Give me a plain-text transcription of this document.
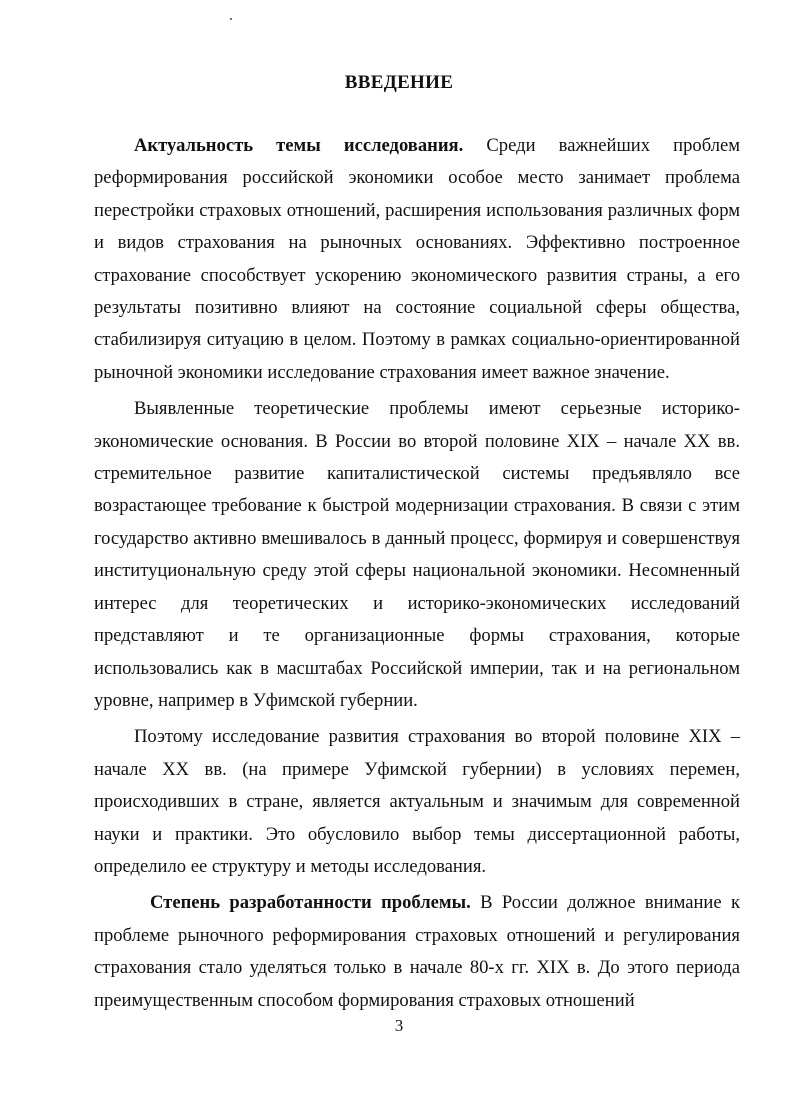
ВВЕДЕНИЕ

Актуальность темы исследования. Среди важнейших проблем реформирования российской экономики особое место занимает проблема перестройки страховых отношений, расширения использования различных форм и видов страхования на рыночных основаниях. Эффективно построенное страхование способствует ускорению экономического развития страны, а его результаты позитивно влияют на состояние социальной сферы общества, стабилизируя ситуацию в целом. Поэтому в рамках социально-ориентированной рыночной экономики исследование страхования имеет важное значение.

Выявленные теоретические проблемы имеют серьезные историко-экономические основания. В России во второй половине XIX – начале XX вв. стремительное развитие капиталистической системы предъявляло все возрастающее требование к быстрой модернизации страхования. В связи с этим государство активно вмешивалось в данный процесс, формируя и совершенствуя институциональную среду этой сферы национальной экономики. Несомненный интерес для теоретических и историко-экономических исследований представляют и те организационные формы страхования, которые использовались как в масштабах Российской империи, так и на региональном уровне, например в Уфимской губернии.

Поэтому исследование развития страхования во второй половине XIX – начале XX вв. (на примере Уфимской губернии) в условиях перемен, происходивших в стране, является актуальным и значимым для современной науки и практики. Это обусловило выбор темы диссертационной работы, определило ее структуру и методы исследования.

Степень разработанности проблемы. В России должное внимание к проблеме рыночного реформирования страховых отношений и регулирования страхования стало уделяться только в начале 80-х гг. XIX в. До этого периода преимущественным способом формирования страховых отношений

3
